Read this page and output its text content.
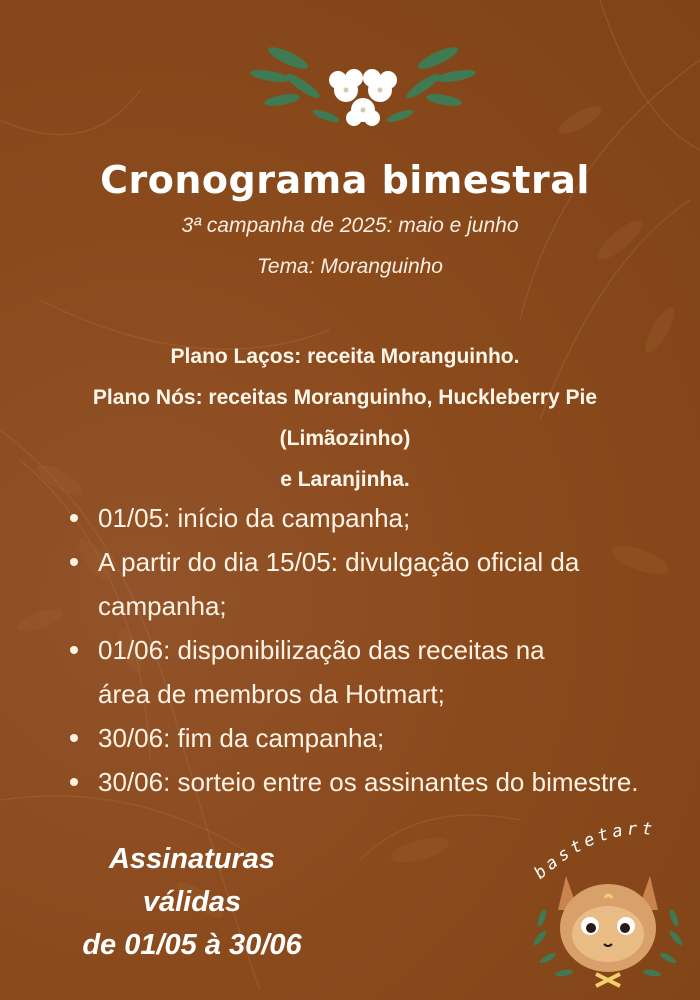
Cronograma bimestral
3ª campanha de 2025: maio e junho
Tema: Moranguinho
Plano Laços: receita Moranguinho.
Plano Nós: receitas Moranguinho, Huckleberry Pie (Limãozinho)
e Laranjinha.
01/05: início da campanha;
A partir do dia 15/05: divulgação oficial da campanha;
01/06: disponibilização das receitas na área de membros da Hotmart;
30/06: fim da campanha;
30/06: sorteio entre os assinantes do bimestre.
Assinaturas válidas
de 01/05 à 30/06
bastetart
